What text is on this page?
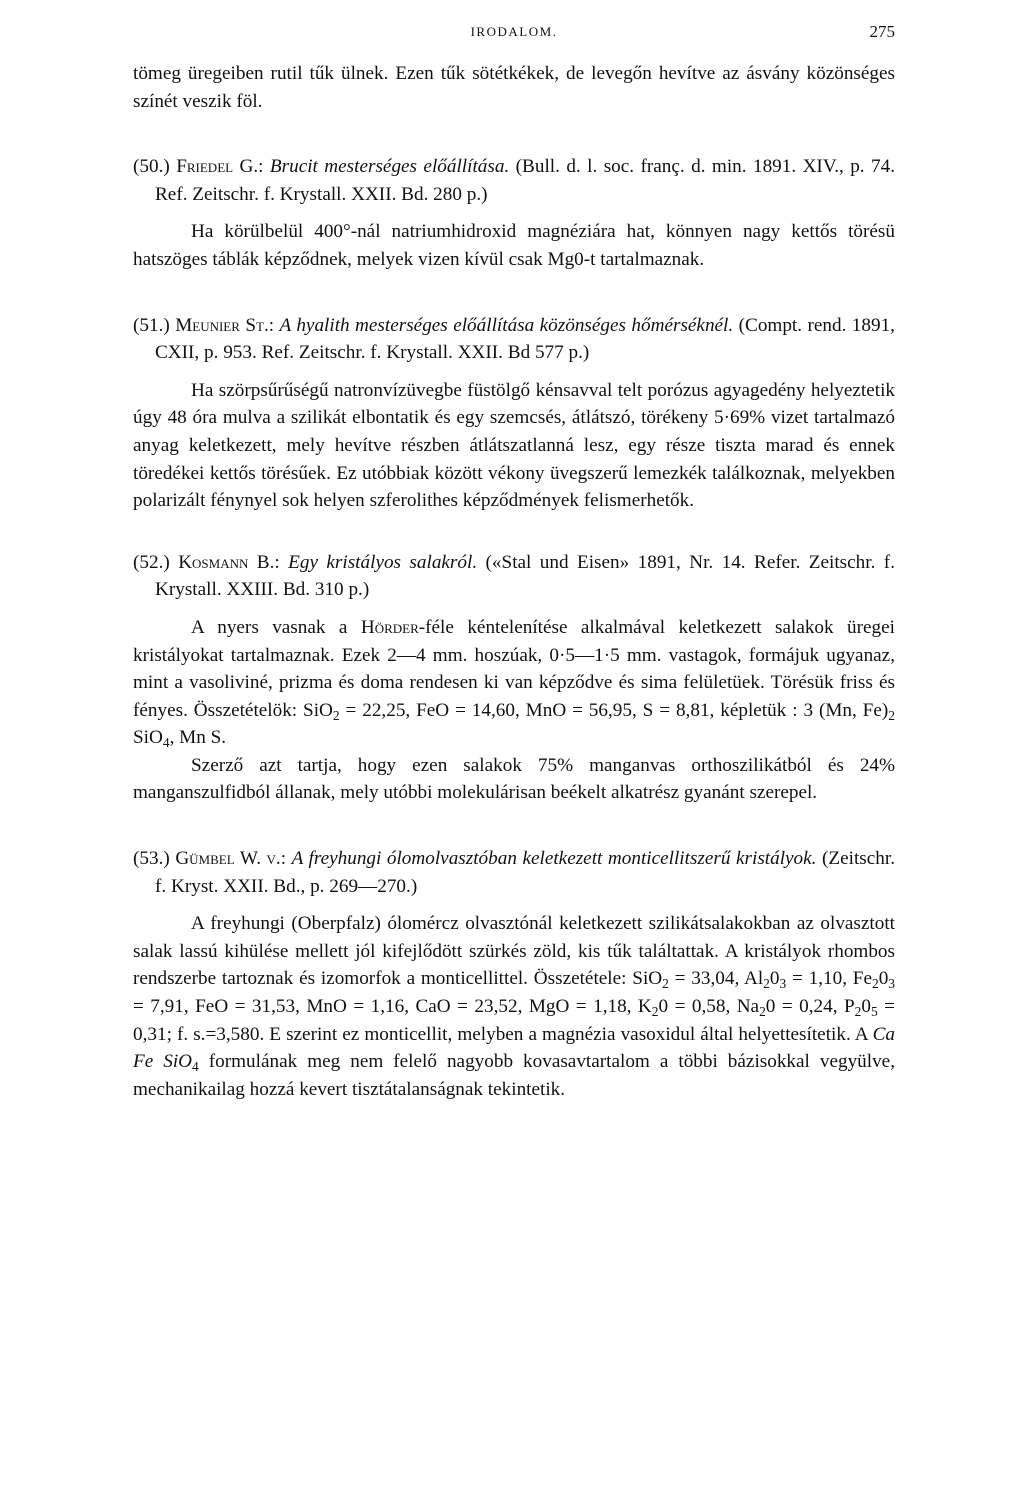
IRODALOM.	275

tömeg üregeiben rutil tűk ülnek. Ezen tűk sötétkékek, de levegőn hevítve az ásvány közönséges színét veszik föl.

(50.) Friedel G.: Brucit mesterséges előállítása. (Bull. d. l. soc. franç. d. min. 1891. XIV., p. 74. Ref. Zeitschr. f. Krystall. XXII. Bd. 280 p.)

Ha körülbelül 400°-nál natriumhidroxid magnéziára hat, könnyen nagy kettős törésü hatszöges táblák képződnek, melyek vizen kívül csak Mg0-t tartalmaznak.

(51.) Meunier St.: A hyalith mesterséges előállítása közönséges hőmérséknél. (Compt. rend. 1891, CXII, p. 953. Ref. Zeitschr. f. Krystall. XXII. Bd 577 p.)

Ha szörpsűrűségű natronvízüvegbe füstölgő kénsavval telt porózus agyagedény helyeztetik úgy 48 óra mulva a szilikát elbontatik és egy szemcsés, átlátszó, törékeny 5·69% vizet tartalmazó anyag keletkezett, mely hevítve részben átlátszatlanná lesz, egy része tiszta marad és ennek töredékei kettős törésűek. Ez utóbbiak között vékony üvegszerű lemezkék találkoznak, melyekben polarizált fénynyel sok helyen szferolithes képződmények felismerhetők.

(52.) Kosmann B.: Egy kristályos salakról. («Stal und Eisen» 1891, Nr. 14. Refer. Zeitschr. f. Krystall. XXIII. Bd. 310 p.)

A nyers vasnak a Hörder-féle kéntelenítése alkalmával keletkezett salakok üregei kristályokat tartalmaznak. Ezek 2—4 mm. hoszúak, 0·5—1·5 mm. vastagok, formájuk ugyanaz, mint a vasoliviné, prizma és doma rendesen ki van képződve és sima felületüek. Törésük friss és fényes. Összetételök: SiO$_2$ = 22,25, FeO = 14,60, MnO = 56,95, S = 8,81, képletük : 3 (Mn, $Fe)_2$ SiO$_4$, Mn S.

Szerző azt tartja, hogy ezen salakok 75% manganvas orthoszilikátból és 24% manganszulfidból állanak, mely utóbbi molekulárisan beékelt alkatrész gyanánt szerepel.

(53.) Gümbel W. v.: A freyhungi ólomolvasztóban keletkezett monticellitszerű kristályok. (Zeitschr. f. Kryst. XXII. Bd., p. 269—270.)

A freyhungi (Oberpfalz) ólomércz olvasztónál keletkezett szilikátsalakokban az olvasztott salak lassú kihülése mellett jól kifejlődött szürkés zöld, kis tűk találtattak. A kristályok rhombos rendszerbe tartoznak és izomorfok a monticellittel. Összetétele: SiO$_2$ = 33,04, $Al_20_3 = 1,10$, $Fe_20_3 = 7,91$, FeO = 31,53, MnO = 1,16, CaO = 23,52, MgO = 1,18, $K_20 = 0,58$, $Na_20 = 0,24$, $P_20_5 = 0,31$; f. s.=3,580. E szerint ez monticellit, melyben a magnézia vasoxidul által helyettesítetik. A Ca Fe SiO$_4$ formulának meg nem felelő nagyobb kovasavtartalom a többi bázisokkal vegyülve, mechanikailag hozzá kevert tisztátalanságnak tekintetik.
